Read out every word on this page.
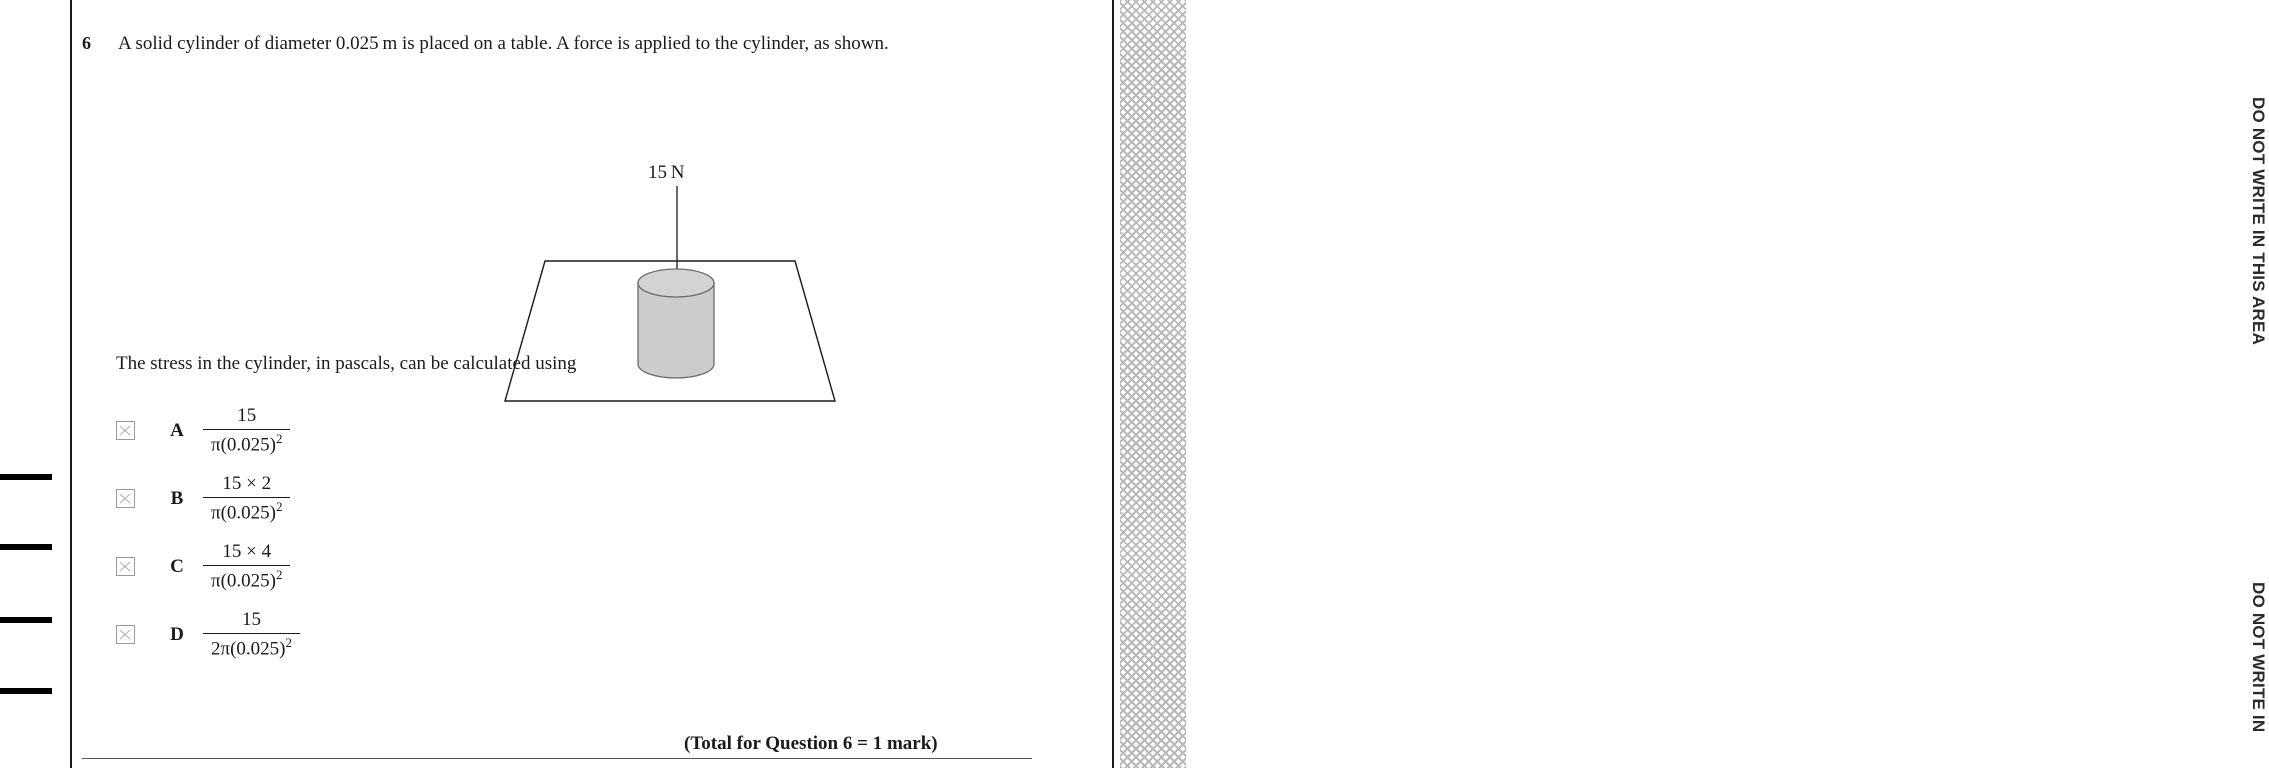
DO NOT WRITE IN THIS AREA
DO NOT WRITE IN
6	A solid cylinder of diameter 0.025 m is placed on a table. A force is applied to the cylinder, as shown.
15 N
The stress in the cylinder, in pascals, can be calculated using
A	$\frac{15}{\pi(0.025)^2}$
B	$\frac{15 \times 2}{\pi(0.025)^2}$
C	$\frac{15 \times 4}{\pi(0.025)^2}$
D	$\frac{15}{2\pi(0.025)^2}$
(Total for Question 6 = 1 mark)
